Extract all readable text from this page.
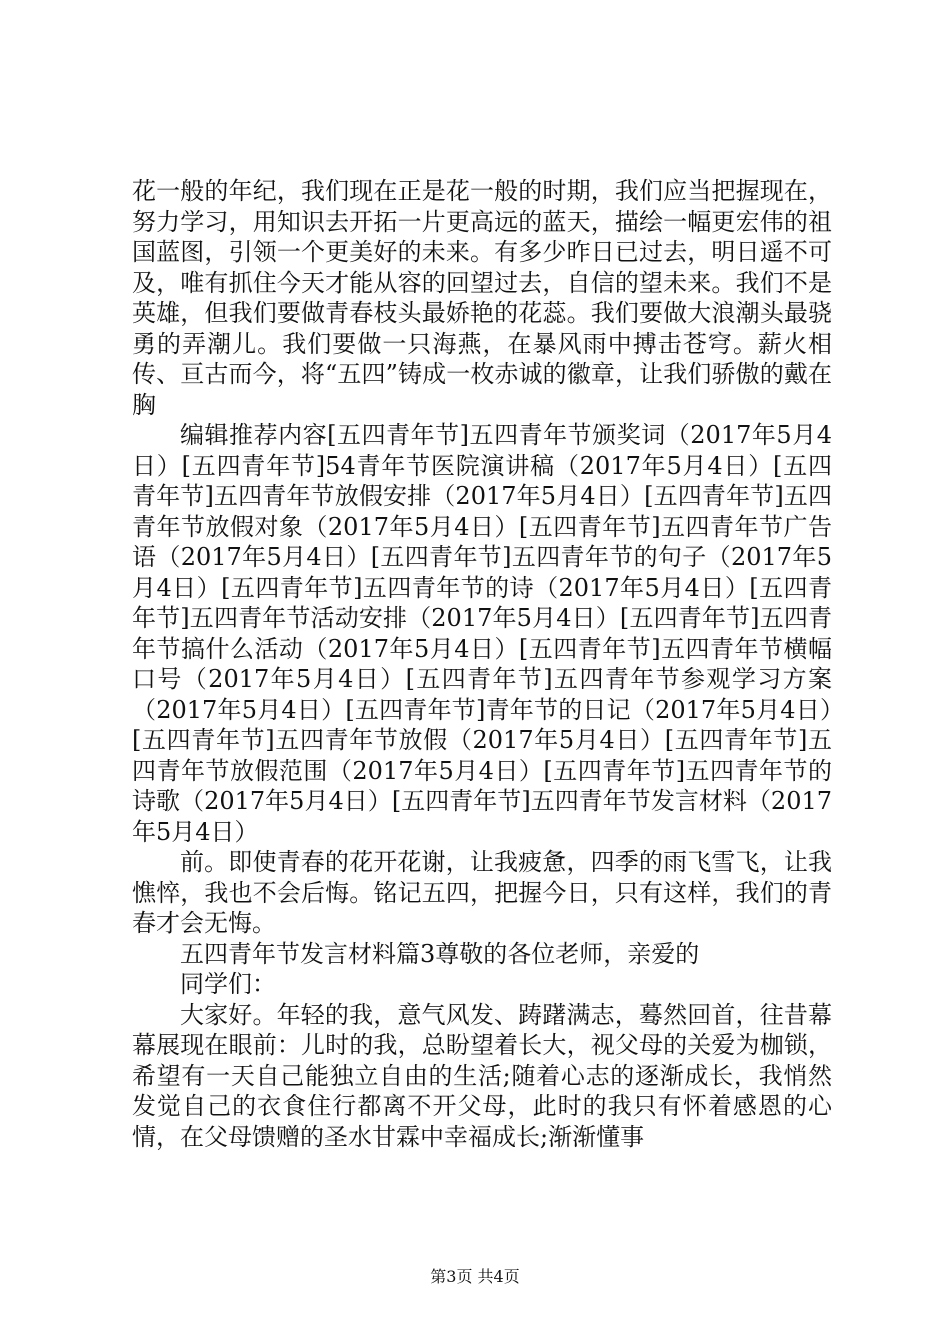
花一般的年纪，我们现在正是花一般的时期，我们应当把握现在，努力学习，用知识去开拓一片更高远的蓝天，描绘一幅更宏伟的祖国蓝图，引领一个更美好的未来。有多少昨日已过去，明日遥不可及，唯有抓住今天才能从容的回望过去，自信的望未来。我们不是英雄，但我们要做青春枝头最娇艳的花蕊。我们要做大浪潮头最骁勇的弄潮儿。我们要做一只海燕，在暴风雨中搏击苍穹。薪火相传、亘古而今，将“五四”铸成一枚赤诚的徽章，让我们骄傲的戴在胸

编辑推荐内容[五四青年节]五四青年节颁奖词（2017年5月4日）[五四青年节]54青年节医院演讲稿（2017年5月4日）[五四青年节]五四青年节放假安排（2017年5月4日）[五四青年节]五四青年节放假对象（2017年5月4日）[五四青年节]五四青年节广告语（2017年5月4日）[五四青年节]五四青年节的句子（2017年5月4日）[五四青年节]五四青年节的诗（2017年5月4日）[五四青年节]五四青年节活动安排（2017年5月4日）[五四青年节]五四青年节搞什么活动（2017年5月4日）[五四青年节]五四青年节横幅口号（2017年5月4日）[五四青年节]五四青年节参观学习方案（2017年5月4日）[五四青年节]青年节的日记（2017年5月4日）[五四青年节]五四青年节放假（2017年5月4日）[五四青年节]五四青年节放假范围（2017年5月4日）[五四青年节]五四青年节的诗歌（2017年5月4日）[五四青年节]五四青年节发言材料（2017年5月4日）

前。即使青春的花开花谢，让我疲惫，四季的雨飞雪飞，让我憔悴，我也不会后悔。铭记五四，把握今日，只有这样，我们的青春才会无悔。

五四青年节发言材料篇3尊敬的各位老师，亲爱的

同学们：

大家好。年轻的我，意气风发、踌躇满志，蓦然回首，往昔幕幕展现在眼前：儿时的我，总盼望着长大，视父母的关爱为枷锁，希望有一天自己能独立自由的生活;随着心志的逐渐成长，我悄然发觉自己的衣食住行都离不开父母，此时的我只有怀着感恩的心情，在父母馈赠的圣水甘霖中幸福成长;渐渐懂事

第3页 共4页
